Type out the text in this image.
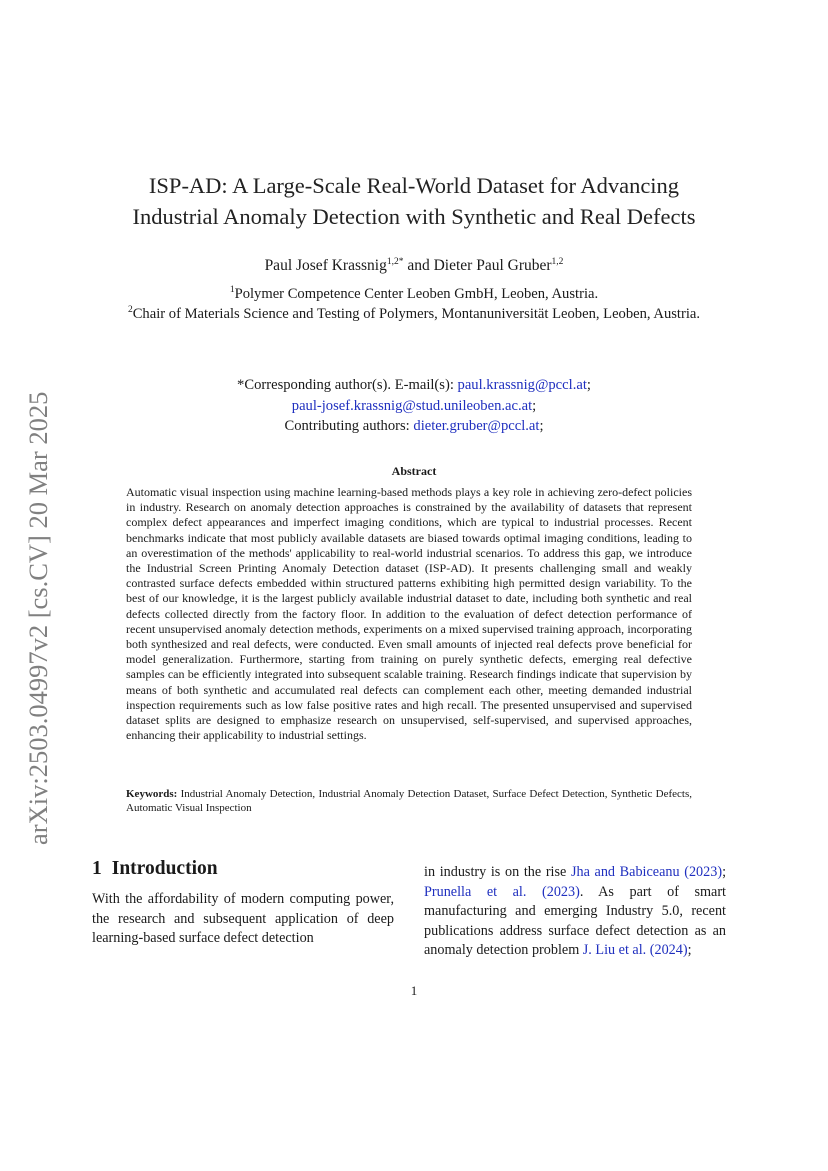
arXiv:2503.04997v2 [cs.CV] 20 Mar 2025
ISP-AD: A Large-Scale Real-World Dataset for Advancing
Industrial Anomaly Detection with Synthetic and Real Defects
Paul Josef Krassnig$^{1,2*}$ and Dieter Paul Gruber$^{1,2}$
$^1$Polymer Competence Center Leoben GmbH, Leoben, Austria.
$^2$Chair of Materials Science and Testing of Polymers, Montanuniversität Leoben, Leoben, Austria.
*Corresponding author(s). E-mail(s): paul.krassnig@pccl.at;
paul-josef.krassnig@stud.unileoben.ac.at;
Contributing authors: dieter.gruber@pccl.at;
Abstract
Automatic visual inspection using machine learning-based methods plays a key role in achieving zero-defect policies in industry. Research on anomaly detection approaches is constrained by the availability of datasets that represent complex defect appearances and imperfect imaging conditions, which are typical to industrial processes. Recent benchmarks indicate that most publicly available datasets are biased towards optimal imaging conditions, leading to an overestimation of the methods' applicability to real-world industrial scenarios. To address this gap, we introduce the Industrial Screen Printing Anomaly Detection dataset (ISP-AD). It presents challenging small and weakly contrasted surface defects embedded within structured patterns exhibiting high permitted design variability. To the best of our knowledge, it is the largest publicly available industrial dataset to date, including both synthetic and real defects collected directly from the factory floor. In addition to the evaluation of defect detection performance of recent unsupervised anomaly detection methods, experiments on a mixed supervised training approach, incorporating both synthesized and real defects, were conducted. Even small amounts of injected real defects prove beneficial for model generalization. Furthermore, starting from training on purely synthetic defects, emerging real defective samples can be efficiently integrated into subsequent scalable training. Research findings indicate that supervision by means of both synthetic and accumulated real defects can complement each other, meeting demanded industrial inspection requirements such as low false positive rates and high recall. The presented unsupervised and supervised dataset splits are designed to emphasize research on unsupervised, self-supervised, and supervised approaches, enhancing their applicability to industrial settings.
Keywords: Industrial Anomaly Detection, Industrial Anomaly Detection Dataset, Surface Defect Detection, Synthetic Defects, Automatic Visual Inspection
1 Introduction
With the affordability of modern computing power, the research and subsequent application of deep learning-based surface defect detection
in industry is on the rise Jha and Babiceanu (2023); Prunella et al. (2023). As part of smart manufacturing and emerging Industry 5.0, recent publications address surface defect detection as an anomaly detection problem J. Liu et al. (2024);
1
